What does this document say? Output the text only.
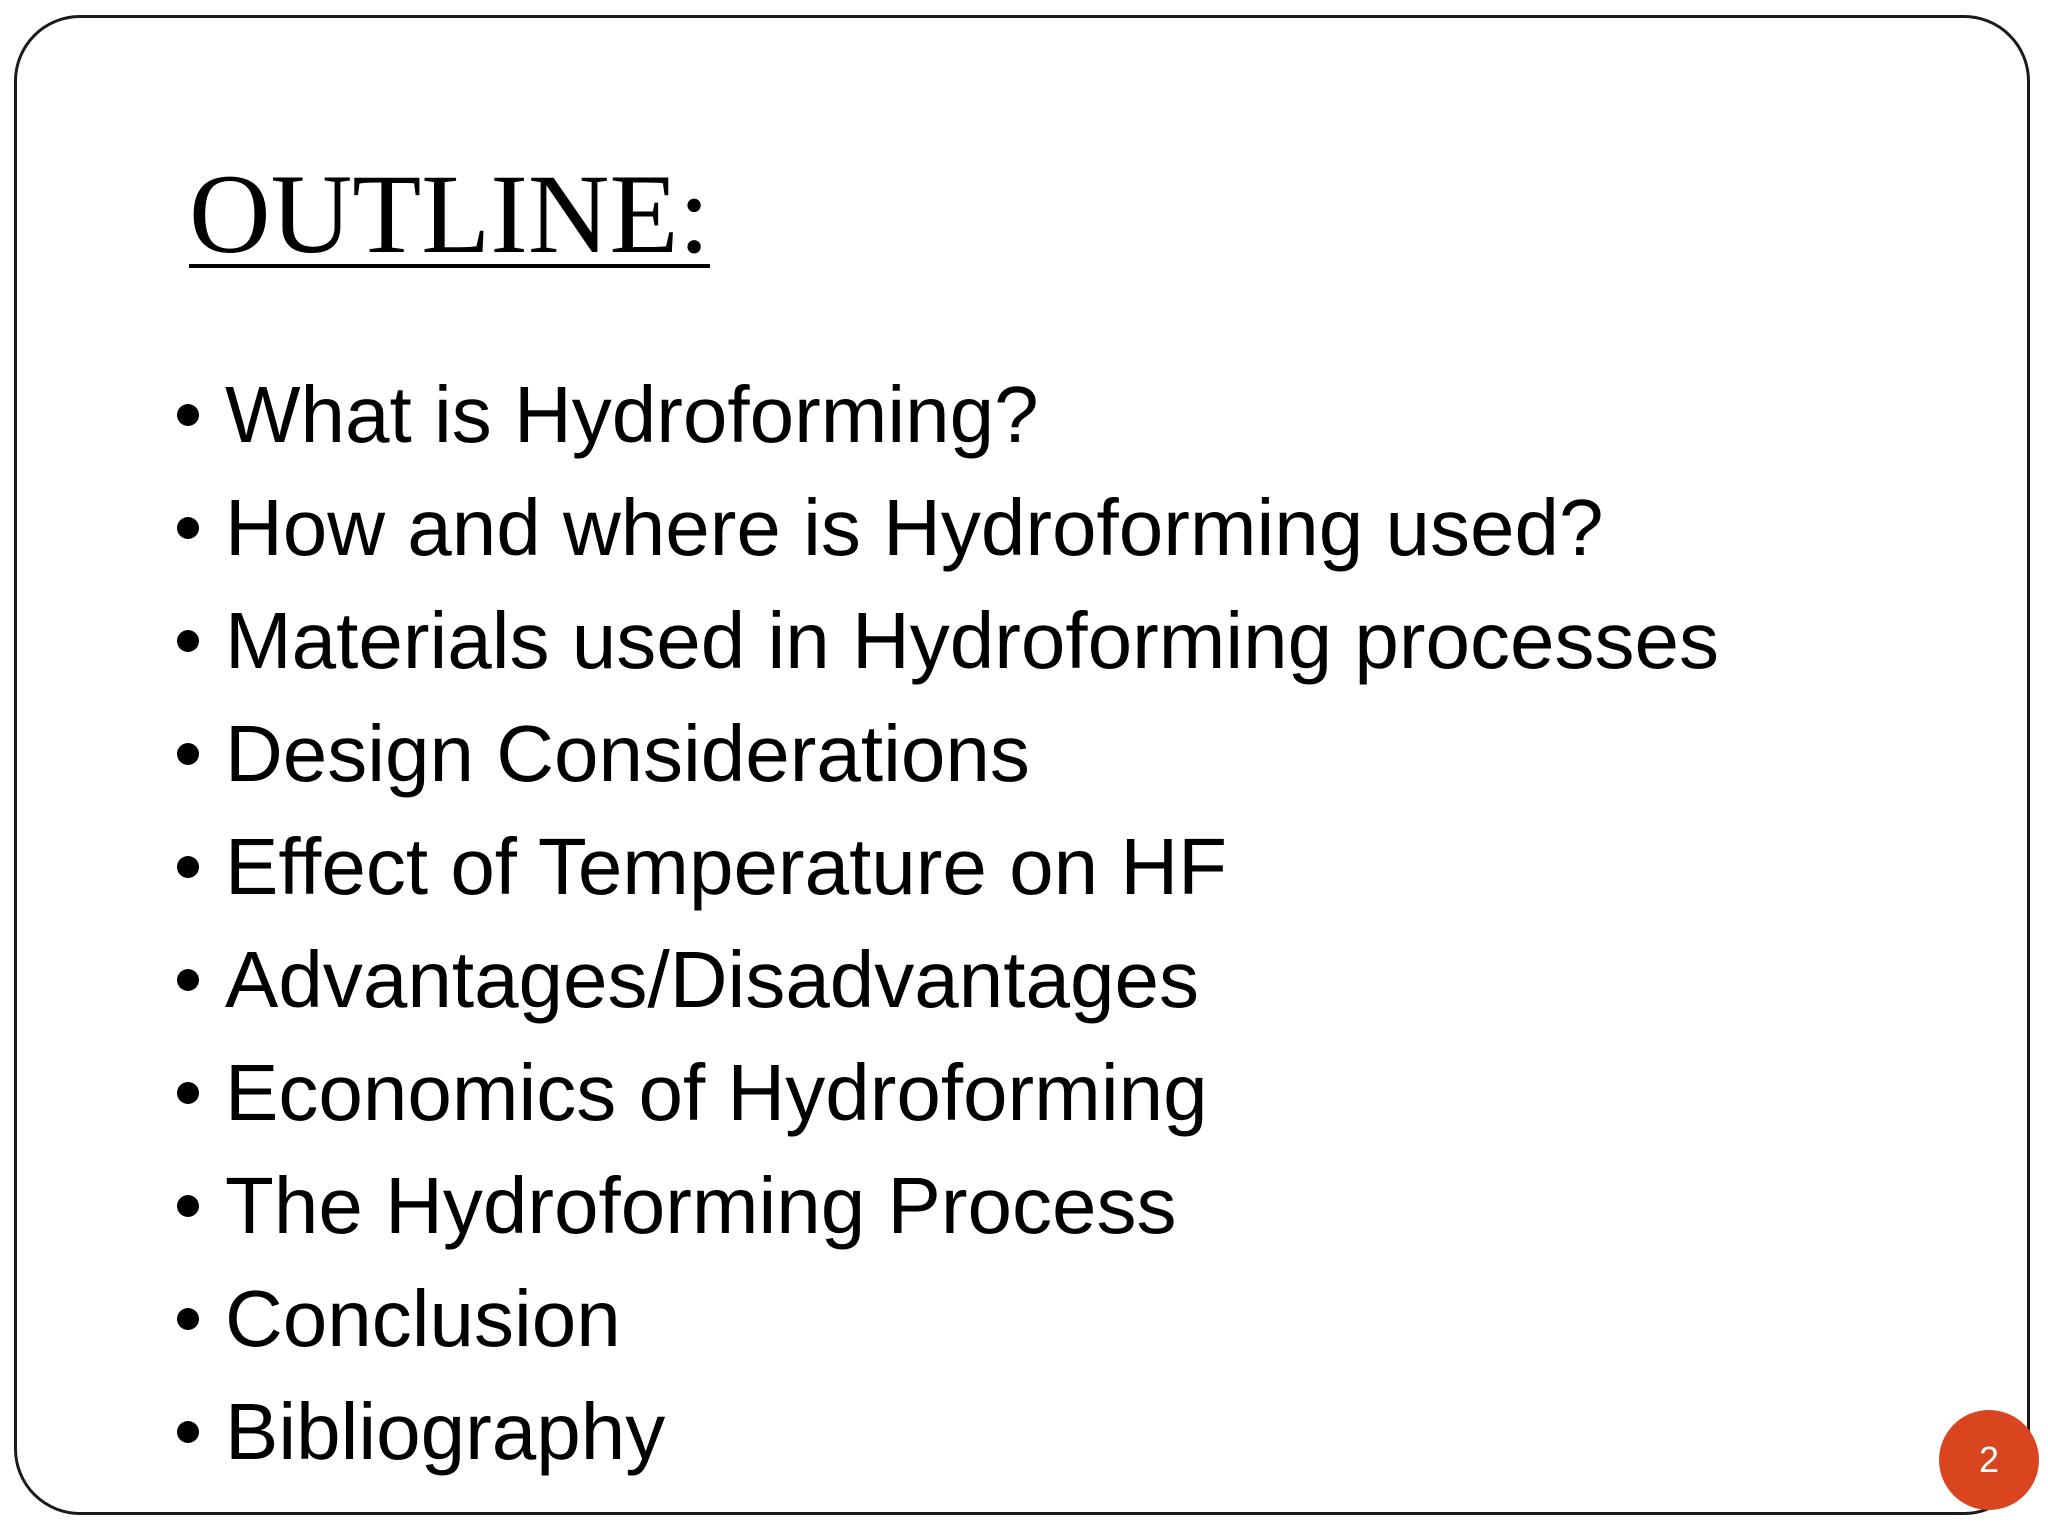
OUTLINE:
What is Hydroforming?
How and where is Hydroforming used?
Materials used in Hydroforming processes
Design Considerations
Effect of Temperature on HF
Advantages/Disadvantages
Economics of Hydroforming
The Hydroforming Process
Conclusion
Bibliography	2
